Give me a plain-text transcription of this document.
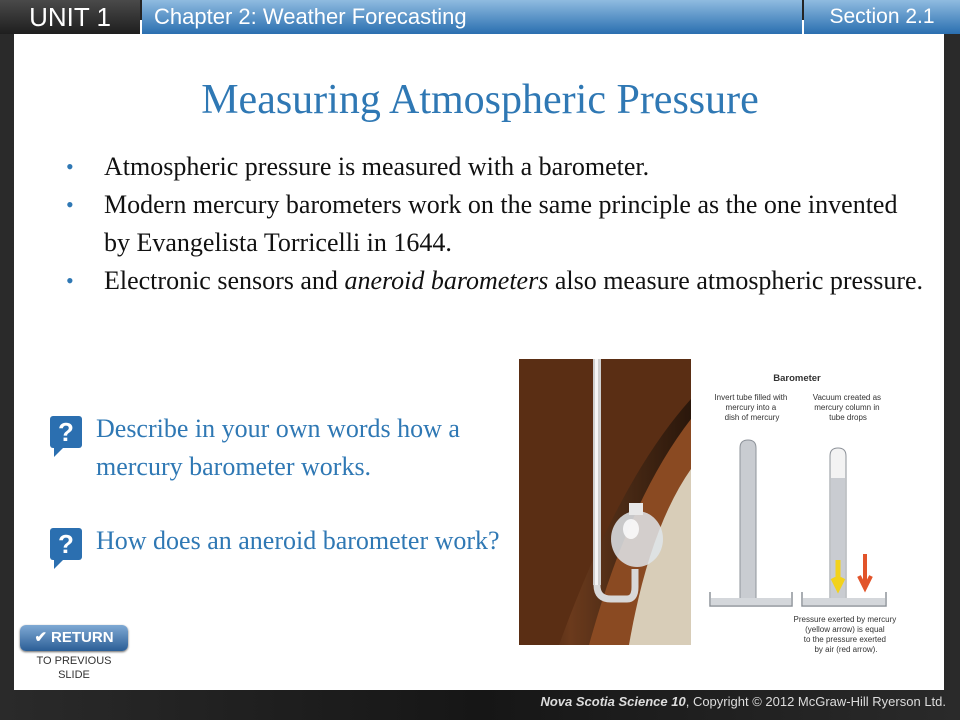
UNIT 1	Chapter 2: Weather Forecasting	Section 2.1
Measuring Atmospheric Pressure
• Atmospheric pressure is measured with a barometer.
• Modern mercury barometers work on the same principle as the one invented by Evangelista Torricelli in 1644.
• Electronic sensors and aneroid barometers also measure atmospheric pressure.
? Describe in your own words how a mercury barometer works.
? How does an aneroid barometer work?
Barometer
Invert tube filled with mercury into a dish of mercury
Vacuum created as mercury column in tube drops
Pressure exerted by mercury (yellow arrow) is equal to the pressure exerted by air (red arrow).
✔ RETURN
TO PREVIOUS
SLIDE
Nova Scotia Science 10, Copyright © 2012 McGraw-Hill Ryerson Ltd.
